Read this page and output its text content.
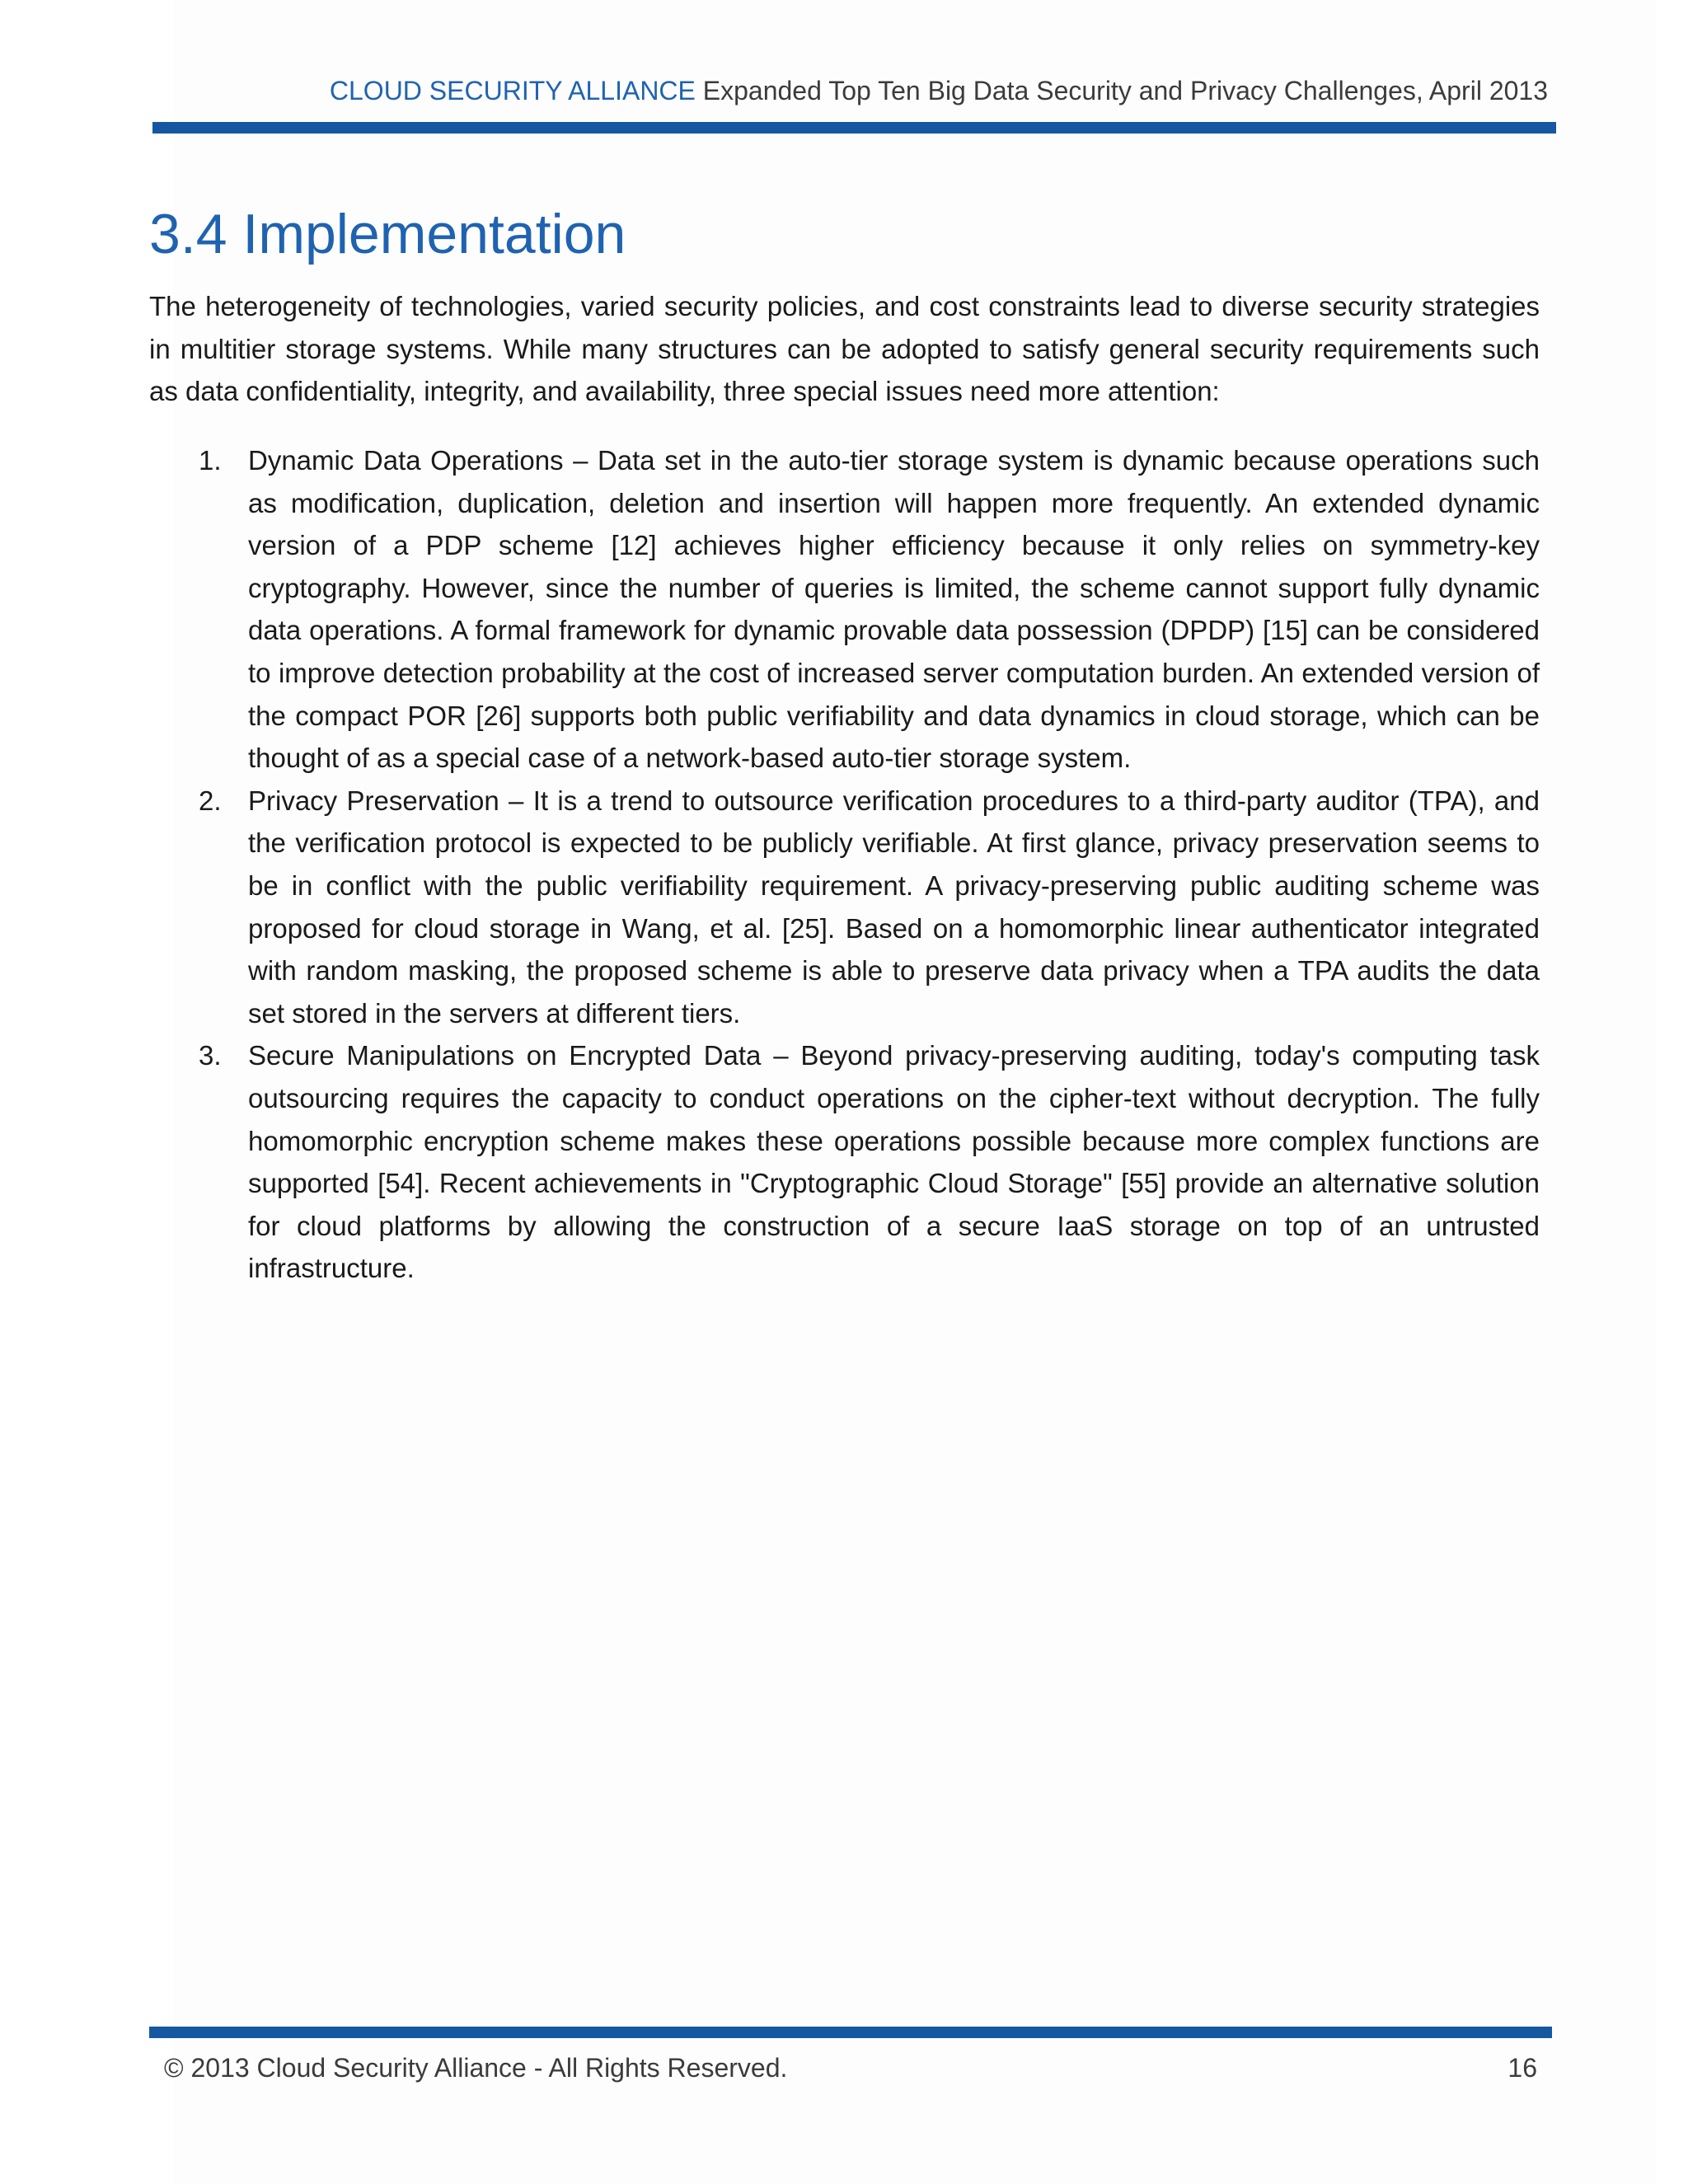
CLOUD SECURITY ALLIANCE Expanded Top Ten Big Data Security and Privacy Challenges, April 2013
3.4 Implementation

The heterogeneity of technologies, varied security policies, and cost constraints lead to diverse security strategies in multitier storage systems. While many structures can be adopted to satisfy general security requirements such as data confidentiality, integrity, and availability, three special issues need more attention:

1. Dynamic Data Operations – Data set in the auto-tier storage system is dynamic because operations such as modification, duplication, deletion and insertion will happen more frequently. An extended dynamic version of a PDP scheme [12] achieves higher efficiency because it only relies on symmetry-key cryptography. However, since the number of queries is limited, the scheme cannot support fully dynamic data operations. A formal framework for dynamic provable data possession (DPDP) [15] can be considered to improve detection probability at the cost of increased server computation burden. An extended version of the compact POR [26] supports both public verifiability and data dynamics in cloud storage, which can be thought of as a special case of a network-based auto-tier storage system.
2. Privacy Preservation – It is a trend to outsource verification procedures to a third-party auditor (TPA), and the verification protocol is expected to be publicly verifiable. At first glance, privacy preservation seems to be in conflict with the public verifiability requirement. A privacy-preserving public auditing scheme was proposed for cloud storage in Wang, et al. [25]. Based on a homomorphic linear authenticator integrated with random masking, the proposed scheme is able to preserve data privacy when a TPA audits the data set stored in the servers at different tiers.
3. Secure Manipulations on Encrypted Data – Beyond privacy-preserving auditing, today's computing task outsourcing requires the capacity to conduct operations on the cipher-text without decryption. The fully homomorphic encryption scheme makes these operations possible because more complex functions are supported [54]. Recent achievements in "Cryptographic Cloud Storage" [55] provide an alternative solution for cloud platforms by allowing the construction of a secure IaaS storage on top of an untrusted infrastructure.
© 2013 Cloud Security Alliance - All Rights Reserved.	16
